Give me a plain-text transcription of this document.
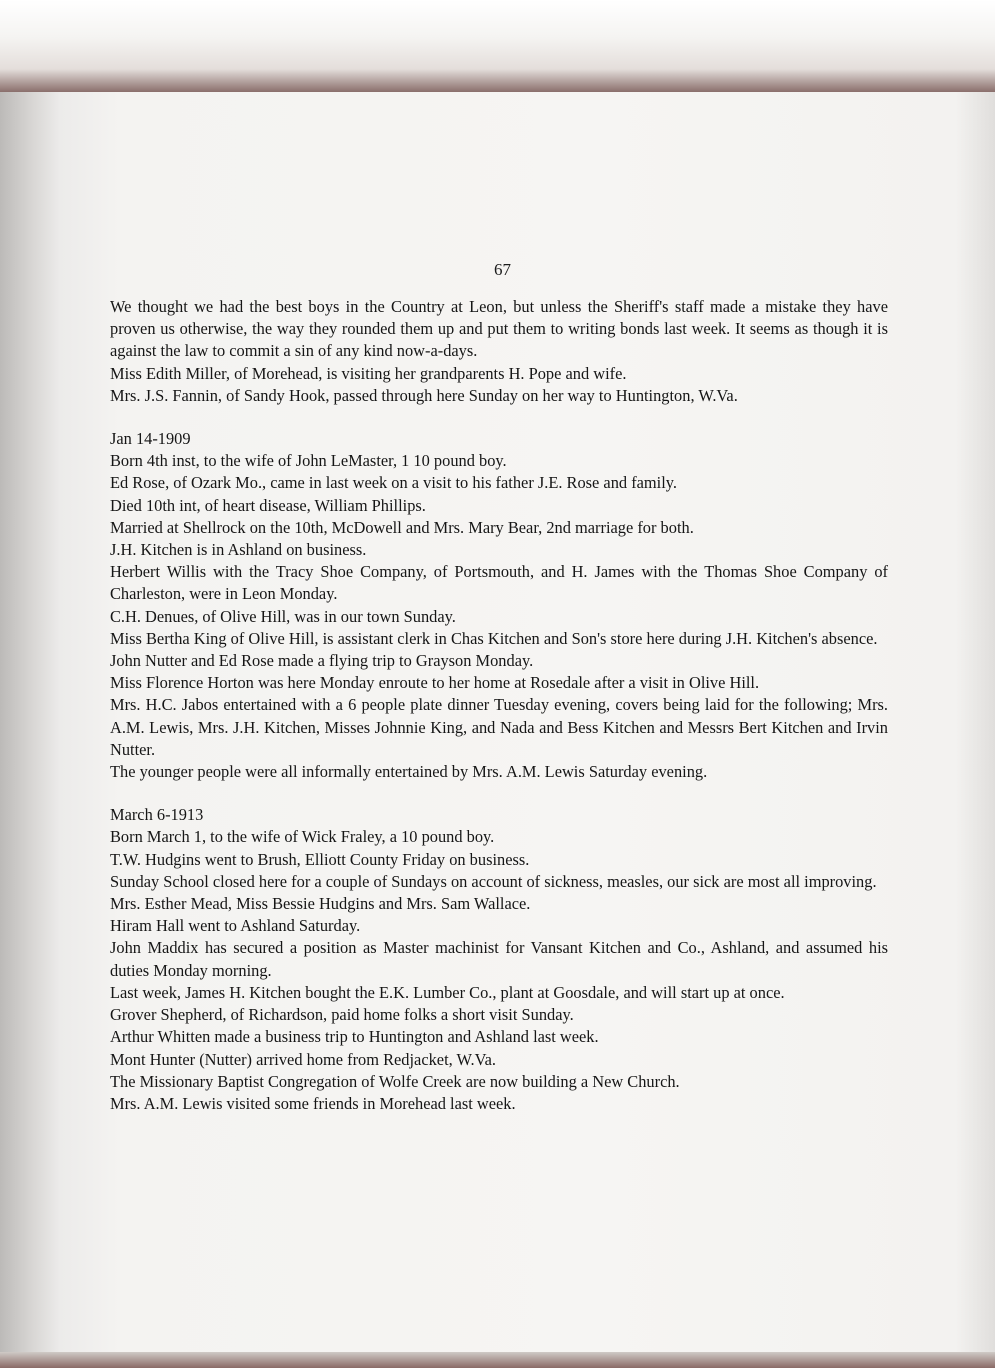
67

We thought we had the best boys in the Country at Leon, but unless the Sheriff's staff made a mistake they have proven us otherwise, the way they rounded them up and put them to writing bonds last week. It seems as though it is against the law to commit a sin of any kind now-a-days.

Miss Edith Miller, of Morehead, is visiting her grandparents H. Pope and wife.

Mrs. J.S. Fannin, of Sandy Hook, passed through here Sunday on her way to Huntington, W.Va.

Jan 14-1909

Born 4th inst, to the wife of John LeMaster, 1 10 pound boy.

Ed Rose, of Ozark Mo., came in last week on a visit to his father J.E. Rose and family.

Died 10th int, of heart disease, William Phillips.

Married at Shellrock on the 10th, McDowell and Mrs. Mary Bear, 2nd marriage for both.

J.H. Kitchen is in Ashland on business.

Herbert Willis with the Tracy Shoe Company, of Portsmouth, and H. James with the Thomas Shoe Company of Charleston, were in Leon Monday.

C.H. Denues, of Olive Hill, was in our town Sunday.

Miss Bertha King of Olive Hill, is assistant clerk in Chas Kitchen and Son's store here during J.H. Kitchen's absence.

John Nutter and Ed Rose made a flying trip to Grayson Monday.

Miss Florence Horton was here Monday enroute to her home at Rosedale after a visit in Olive Hill.

Mrs. H.C. Jabos entertained with a 6 people plate dinner Tuesday evening, covers being laid for the following; Mrs. A.M. Lewis, Mrs. J.H. Kitchen, Misses Johnnie King, and Nada and Bess Kitchen and Messrs Bert Kitchen and Irvin Nutter.

The younger people were all informally entertained by Mrs. A.M. Lewis Saturday evening.

March 6-1913

Born March 1, to the wife of Wick Fraley, a 10 pound boy.

T.W. Hudgins went to Brush, Elliott County Friday on business.

Sunday School closed here for a couple of Sundays on account of sickness, measles, our sick are most all improving.

Mrs. Esther Mead, Miss Bessie Hudgins and Mrs. Sam Wallace.

Hiram Hall went to Ashland Saturday.

John Maddix has secured a position as Master machinist for Vansant Kitchen and Co., Ashland, and assumed his duties Monday morning.

Last week, James H. Kitchen bought the E.K. Lumber Co., plant at Goosdale, and will start up at once.

Grover Shepherd, of Richardson, paid home folks a short visit Sunday.

Arthur Whitten made a business trip to Huntington and Ashland last week.

Mont Hunter (Nutter) arrived home from Redjacket, W.Va.

The Missionary Baptist Congregation of Wolfe Creek are now building a New Church.

Mrs. A.M. Lewis visited some friends in Morehead last week.
